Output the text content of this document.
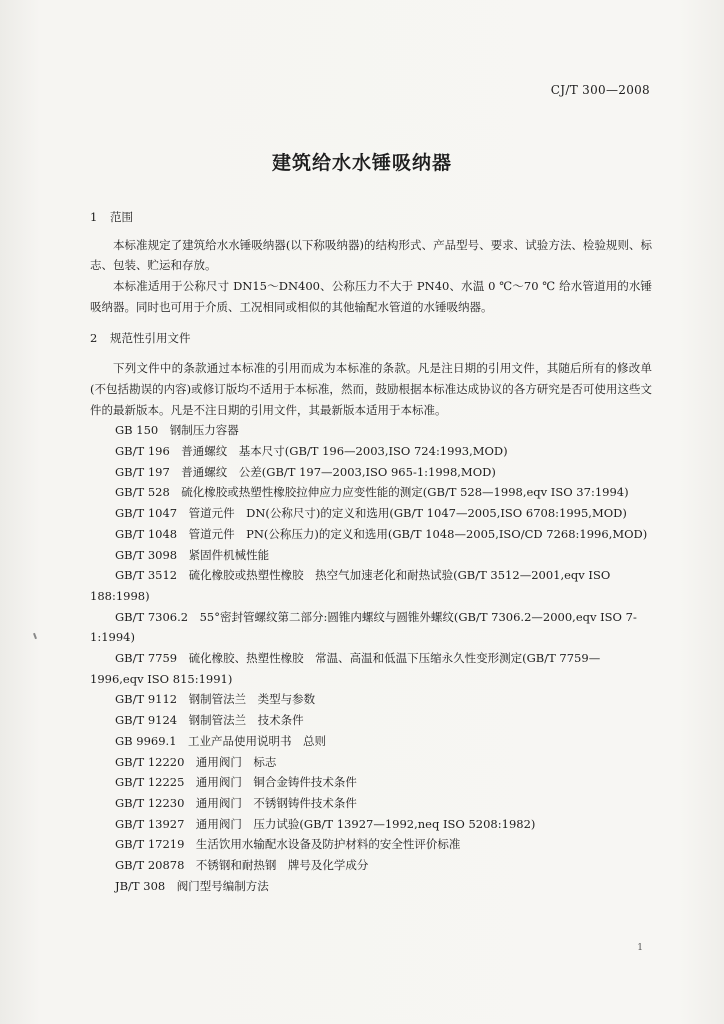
CJ/T 300—2008
建筑给水水锤吸纳器
1 范围
本标准规定了建筑给水水锤吸纳器(以下称吸纳器)的结构形式、产品型号、要求、试验方法、检验规则、标志、包装、贮运和存放。
本标准适用于公称尺寸 DN15～DN400、公称压力不大于 PN40、水温 0 ℃～70 ℃ 给水管道用的水锤吸纳器。同时也可用于介质、工况相同或相似的其他输配水管道的水锤吸纳器。
2 规范性引用文件
下列文件中的条款通过本标准的引用而成为本标准的条款。凡是注日期的引用文件，其随后所有的修改单(不包括勘误的内容)或修订版均不适用于本标准，然而，鼓励根据本标准达成协议的各方研究是否可使用这些文件的最新版本。凡是不注日期的引用文件，其最新版本适用于本标准。
GB 150　钢制压力容器
GB/T 196　普通螺纹　基本尺寸(GB/T 196—2003,ISO 724:1993,MOD)
GB/T 197　普通螺纹　公差(GB/T 197—2003,ISO 965-1:1998,MOD)
GB/T 528　硫化橡胶或热塑性橡胶拉伸应力应变性能的测定(GB/T 528—1998,eqv ISO 37:1994)
GB/T 1047　管道元件　DN(公称尺寸)的定义和选用(GB/T 1047—2005,ISO 6708:1995,MOD)
GB/T 1048　管道元件　PN(公称压力)的定义和选用(GB/T 1048—2005,ISO/CD 7268:1996,MOD)
GB/T 3098　紧固件机械性能
GB/T 3512　硫化橡胶或热塑性橡胶　热空气加速老化和耐热试验(GB/T 3512—2001,eqv ISO 188:1998)
GB/T 7306.2　55°密封管螺纹第二部分:圆锥内螺纹与圆锥外螺纹(GB/T 7306.2—2000,eqv ISO 7-1:1994)
GB/T 7759　硫化橡胶、热塑性橡胶　常温、高温和低温下压缩永久性变形测定(GB/T 7759—1996,eqv ISO 815:1991)
GB/T 9112　钢制管法兰　类型与参数
GB/T 9124　钢制管法兰　技术条件
GB 9969.1　工业产品使用说明书　总则
GB/T 12220　通用阀门　标志
GB/T 12225　通用阀门　铜合金铸件技术条件
GB/T 12230　通用阀门　不锈钢铸件技术条件
GB/T 13927　通用阀门　压力试验(GB/T 13927—1992,neq ISO 5208:1982)
GB/T 17219　生活饮用水输配水设备及防护材料的安全性评价标准
GB/T 20878　不锈钢和耐热钢　牌号及化学成分
JB/T 308　阀门型号编制方法
1
